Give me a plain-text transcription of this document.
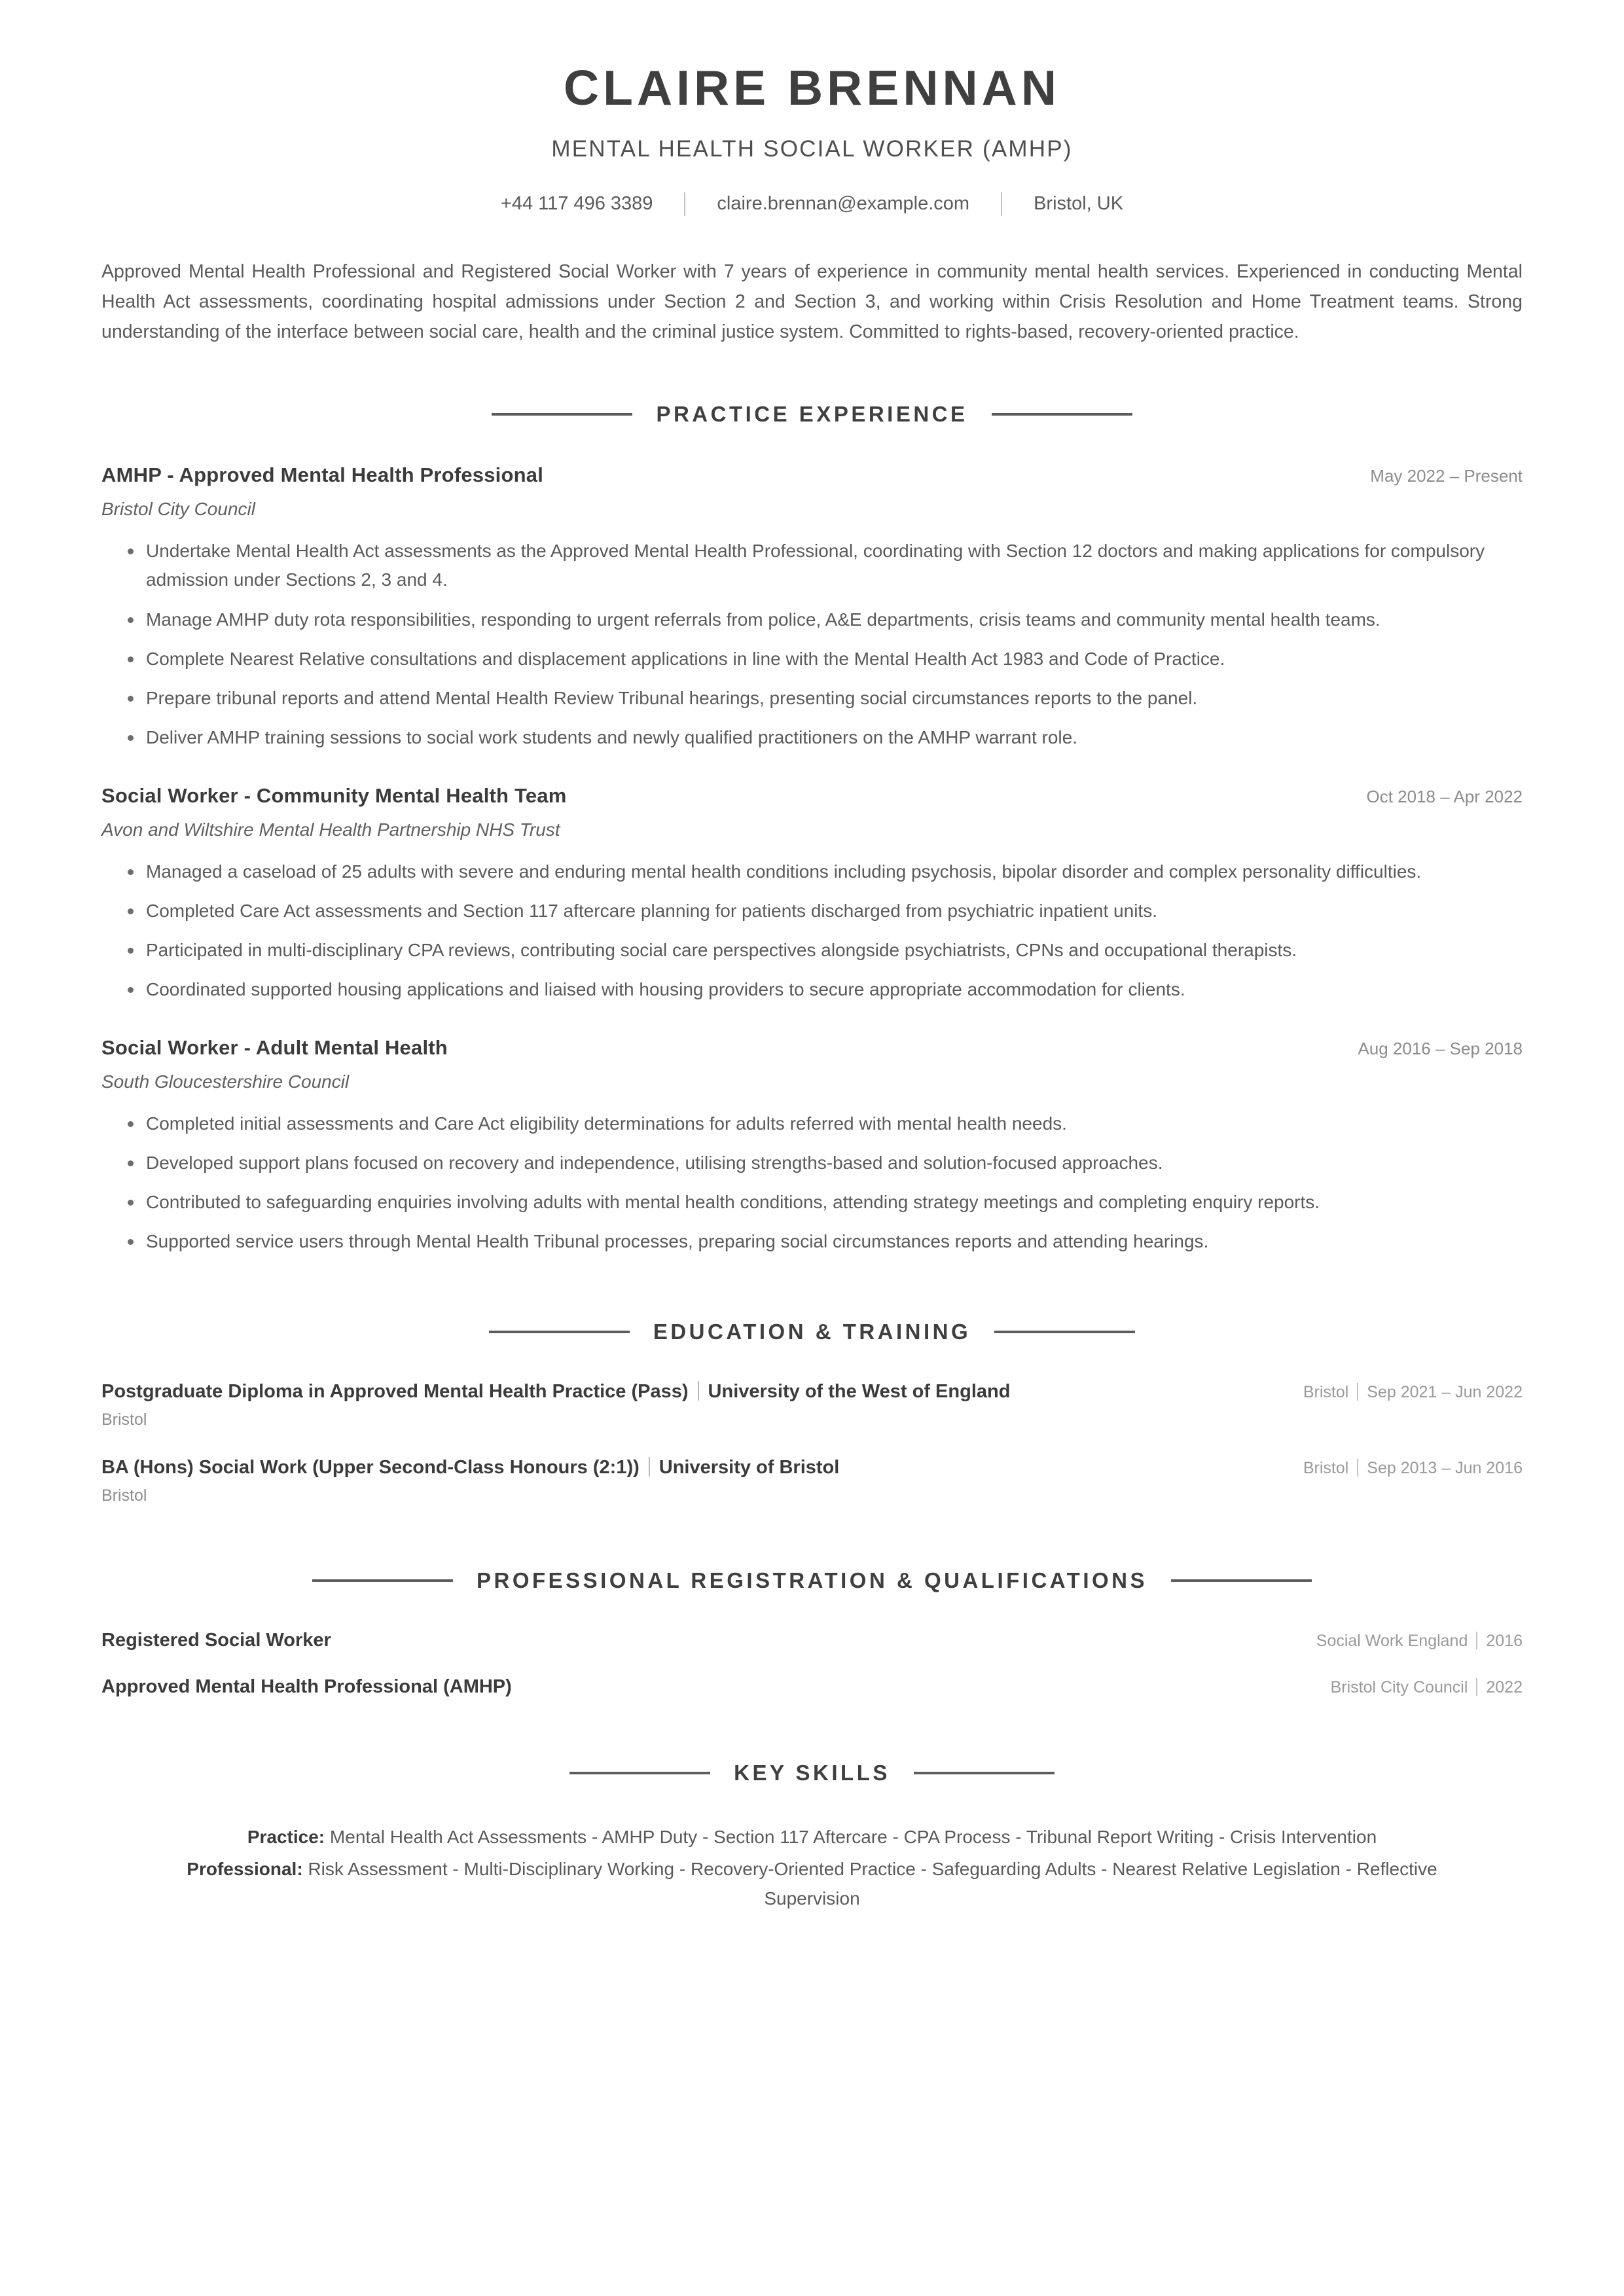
CLAIRE BRENNAN
MENTAL HEALTH SOCIAL WORKER (AMHP)
+44 117 496 3389	claire.brennan@example.com	Bristol, UK
Approved Mental Health Professional and Registered Social Worker with 7 years of experience in community mental health services. Experienced in conducting Mental Health Act assessments, coordinating hospital admissions under Section 2 and Section 3, and working within Crisis Resolution and Home Treatment teams. Strong understanding of the interface between social care, health and the criminal justice system. Committed to rights-based, recovery-oriented practice.
PRACTICE EXPERIENCE
AMHP - Approved Mental Health Professional	May 2022 – Present
Bristol City Council
Undertake Mental Health Act assessments as the Approved Mental Health Professional, coordinating with Section 12 doctors and making applications for compulsory admission under Sections 2, 3 and 4.
Manage AMHP duty rota responsibilities, responding to urgent referrals from police, A&E departments, crisis teams and community mental health teams.
Complete Nearest Relative consultations and displacement applications in line with the Mental Health Act 1983 and Code of Practice.
Prepare tribunal reports and attend Mental Health Review Tribunal hearings, presenting social circumstances reports to the panel.
Deliver AMHP training sessions to social work students and newly qualified practitioners on the AMHP warrant role.
Social Worker - Community Mental Health Team	Oct 2018 – Apr 2022
Avon and Wiltshire Mental Health Partnership NHS Trust
Managed a caseload of 25 adults with severe and enduring mental health conditions including psychosis, bipolar disorder and complex personality difficulties.
Completed Care Act assessments and Section 117 aftercare planning for patients discharged from psychiatric inpatient units.
Participated in multi-disciplinary CPA reviews, contributing social care perspectives alongside psychiatrists, CPNs and occupational therapists.
Coordinated supported housing applications and liaised with housing providers to secure appropriate accommodation for clients.
Social Worker - Adult Mental Health	Aug 2016 – Sep 2018
South Gloucestershire Council
Completed initial assessments and Care Act eligibility determinations for adults referred with mental health needs.
Developed support plans focused on recovery and independence, utilising strengths-based and solution-focused approaches.
Contributed to safeguarding enquiries involving adults with mental health conditions, attending strategy meetings and completing enquiry reports.
Supported service users through Mental Health Tribunal processes, preparing social circumstances reports and attending hearings.
EDUCATION & TRAINING
Postgraduate Diploma in Approved Mental Health Practice (Pass) University of the West of England	Bristol Sep 2021 – Jun 2022
Bristol
BA (Hons) Social Work (Upper Second-Class Honours (2:1)) University of Bristol	Bristol Sep 2013 – Jun 2016
Bristol
PROFESSIONAL REGISTRATION & QUALIFICATIONS
Registered Social Worker	Social Work England 2016
Approved Mental Health Professional (AMHP)	Bristol City Council 2022
KEY SKILLS
Practice: Mental Health Act Assessments - AMHP Duty - Section 117 Aftercare - CPA Process - Tribunal Report Writing - Crisis Intervention
Professional: Risk Assessment - Multi-Disciplinary Working - Recovery-Oriented Practice - Safeguarding Adults - Nearest Relative Legislation - Reflective Supervision
